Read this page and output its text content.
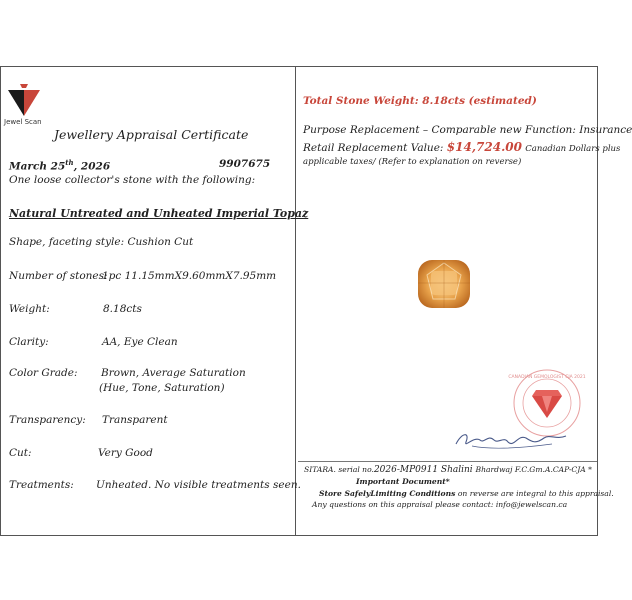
Jewel Scan
Jewellery Appraisal Certificate
March 25th, 2026	9907675
One loose collector's stone with the following:
Natural Untreated and Unheated Imperial Topaz
Shape, faceting style: Cushion Cut
Number of stones:
1pc 11.15mmX9.60mmX7.95mm
Weight:	8.18cts
Clarity:	AA, Eye Clean
Color Grade: Brown, Average Saturation
(Hue, Tone, Saturation)
Transparency: Transparent
Cut:	Very Good
Treatments: Unheated. No visible treatments seen.
Total Stone Weight: 8.18cts (estimated)
Purpose Replacement – Comparable new Function: Insurance
Retail Replacement Value: $14,724.00 Canadian Dollars plus
applicable taxes/ (Refer to explanation on reverse)
CANADIAN GEMOLOGIST CJA 2021
Shalini Bhardwaj
SITARA. serial no.2026-MP0911 Shalini Bhardwaj F.C.Gm.A.CAP-CJA *
Important Document*
Store SafelyLimiting Conditions on reverse are integral to this appraisal.
Any questions on this appraisal please contact: info@jewelscan.ca
